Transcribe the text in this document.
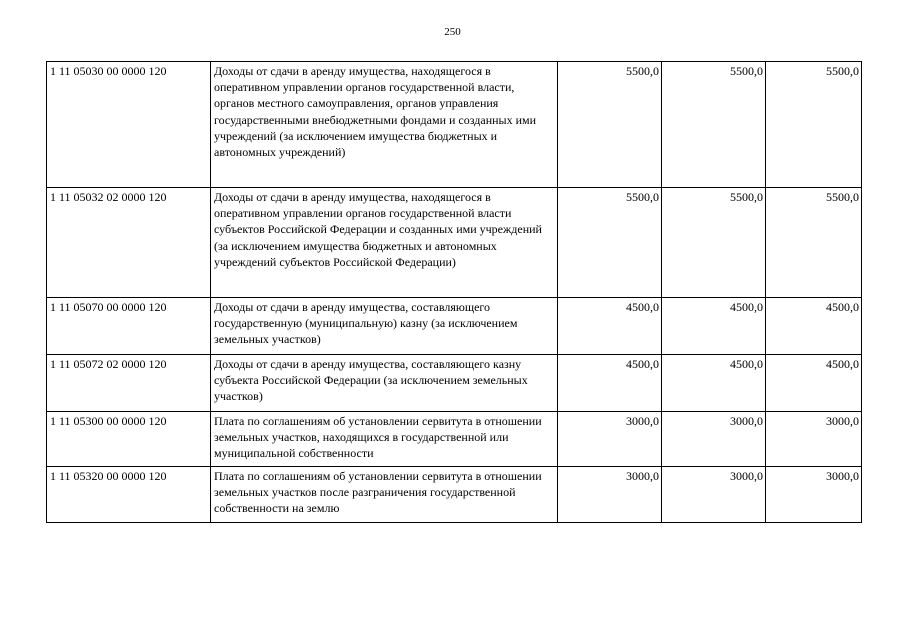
250
1 11 05030 00 0000 120	Доходы от сдачи в аренду имущества, находящегося в оперативном управлении органов государственной власти, органов местного самоуправления, органов управления государственными внебюджетными фондами и созданных ими учреждений (за исключением имущества бюджетных и автономных учреждений)	5500,0	5500,0	5500,0
1 11 05032 02 0000 120	Доходы от сдачи в аренду имущества, находящегося в оперативном управлении органов государственной власти субъектов Российской Федерации и созданных ими учреждений (за исключением имущества бюджетных и автономных учреждений субъектов Российской Федерации)	5500,0	5500,0	5500,0
1 11 05070 00 0000 120	Доходы от сдачи в аренду имущества, составляющего государственную (муниципальную) казну (за исключением земельных участков)	4500,0	4500,0	4500,0
1 11 05072 02 0000 120	Доходы от сдачи в аренду имущества, составляющего казну субъекта Российской Федерации (за исключением земельных участков)	4500,0	4500,0	4500,0
1 11 05300 00 0000 120	Плата по соглашениям об установлении сервитута в отношении земельных участков, находящихся в государственной или муниципальной собственности	3000,0	3000,0	3000,0
1 11 05320 00 0000 120	Плата по соглашениям об установлении сервитута в отношении земельных участков после разграничения государственной собственности на землю	3000,0	3000,0	3000,0
